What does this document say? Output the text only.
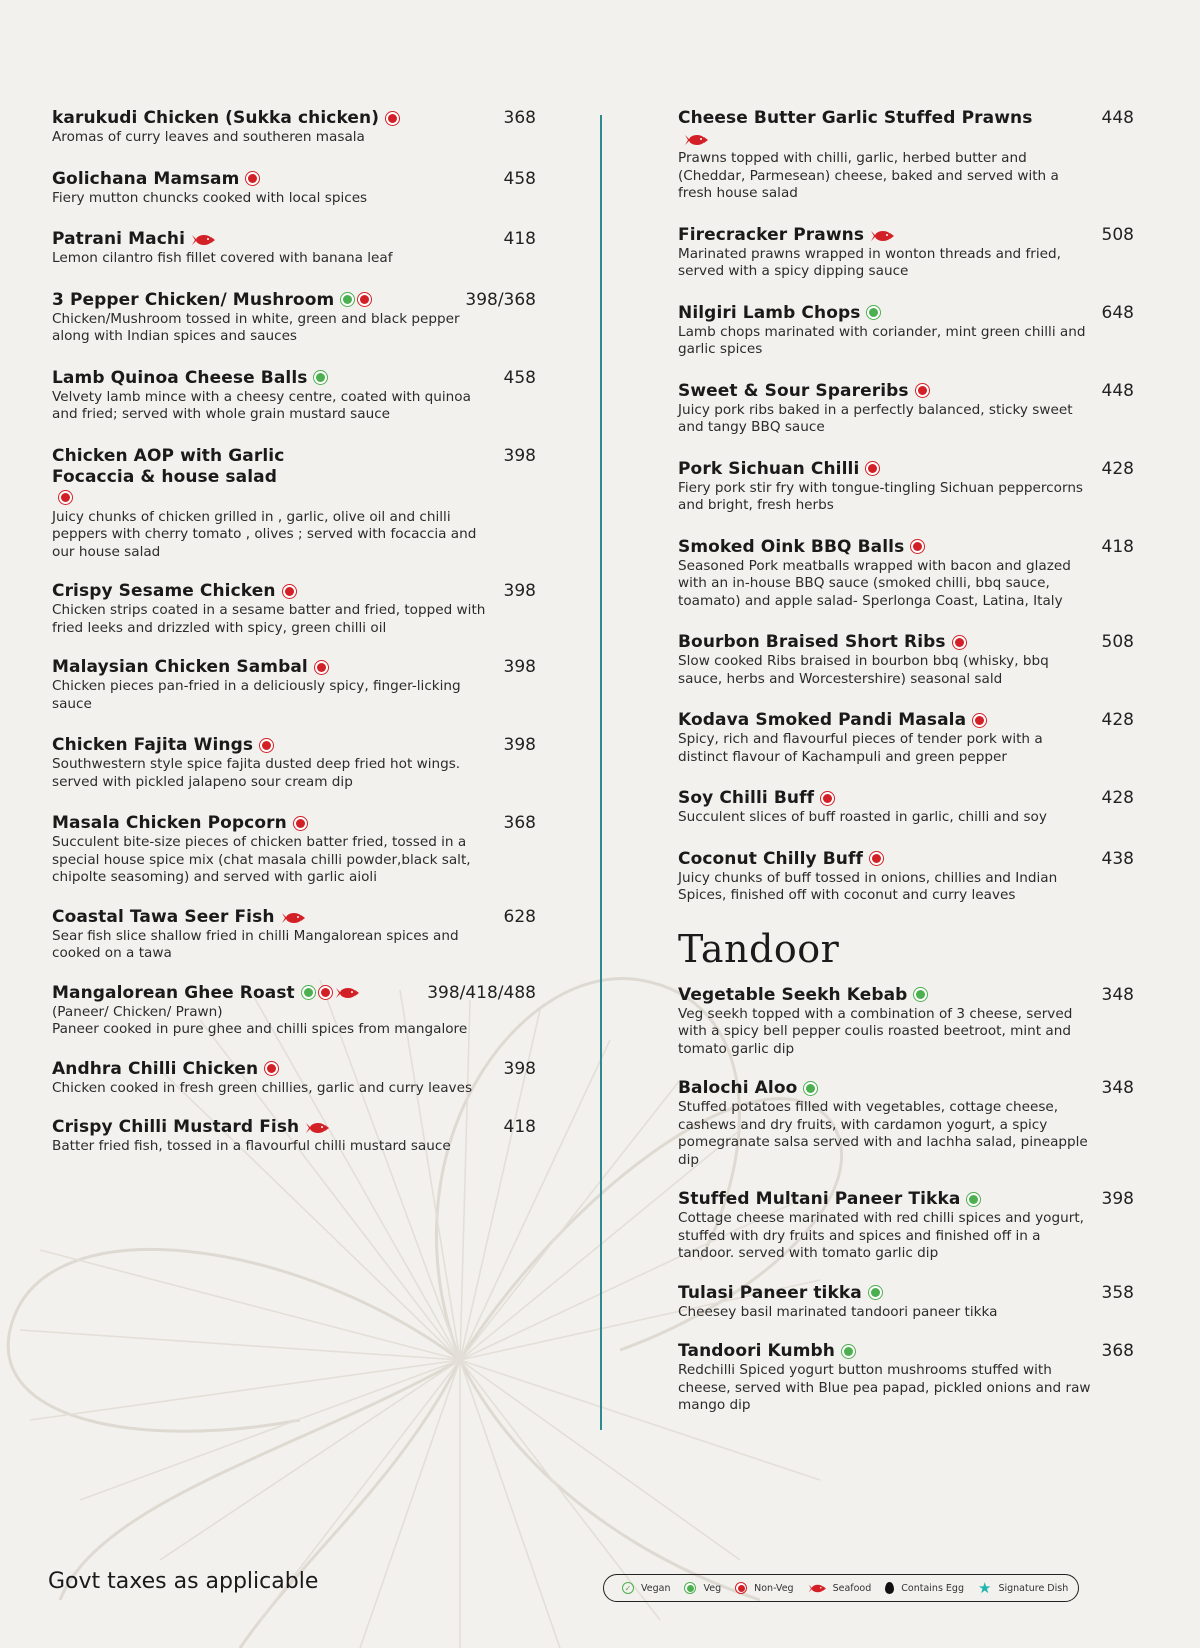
karukudi Chicken (Sukka chicken)	368
Aromas of curry leaves and southeren masala
Golichana Mamsam	458
Fiery mutton chuncks cooked with local spices
Patrani Machi	418
Lemon cilantro fish fillet covered with banana leaf
3 Pepper Chicken/ Mushroom	398/368
Chicken/Mushroom tossed in white, green and black pepper along with Indian spices and sauces
Lamb Quinoa Cheese Balls	458
Velvety lamb mince with a cheesy centre, coated with quinoa and fried; served with whole grain mustard sauce
Chicken AOP with Garlic Focaccia & house salad
398
Juicy chunks of chicken grilled in , garlic, olive oil and chilli peppers with cherry tomato , olives ; served with focaccia and our house salad
Crispy Sesame Chicken	398
Chicken strips coated in a sesame batter and fried, topped with fried leeks and drizzled with spicy, green chilli oil
Malaysian Chicken Sambal	398
Chicken pieces pan-fried in a deliciously spicy, finger-licking sauce
Chicken Fajita Wings	398
Southwestern style spice fajita dusted deep fried hot wings. served with pickled jalapeno sour cream dip
Masala Chicken Popcorn	368
Succulent bite-size pieces of chicken batter fried, tossed in a special house spice mix (chat masala chilli powder,black salt, chipolte seasoming) and served with garlic aioli
Coastal Tawa Seer Fish	628
Sear fish slice shallow fried in chilli Mangalorean spices and cooked on a tawa
Mangalorean Ghee Roast	398/418/488
(Paneer/ Chicken/ Prawn)
Paneer cooked in pure ghee and chilli spices from mangalore
Andhra Chilli Chicken	398
Chicken cooked in fresh green chillies, garlic and curry leaves
Crispy Chilli Mustard Fish	418
Batter fried fish, tossed in a flavourful chilli mustard sauce
Cheese Butter Garlic Stuffed Prawns	448
Prawns topped with chilli, garlic, herbed butter and (Cheddar, Parmesean) cheese, baked and served with a fresh house salad
Firecracker Prawns	508
Marinated prawns wrapped in wonton threads and fried, served with a spicy dipping sauce
Nilgiri Lamb Chops	648
Lamb chops marinated with coriander, mint green chilli and garlic spices
Sweet & Sour Spareribs	448
Juicy pork ribs baked in a perfectly balanced, sticky sweet and tangy BBQ sauce
Pork Sichuan Chilli	428
Fiery pork stir fry with tongue-tingling Sichuan peppercorns and bright, fresh herbs
Smoked Oink BBQ Balls	418
Seasoned Pork meatballs wrapped with bacon and glazed with an in-house BBQ sauce (smoked chilli, bbq sauce, toamato) and apple salad- Sperlonga Coast, Latina, Italy
Bourbon Braised Short Ribs	508
Slow cooked Ribs braised in bourbon bbq (whisky, bbq sauce, herbs and Worcestershire) seasonal sald
Kodava Smoked Pandi Masala	428
Spicy, rich and flavourful pieces of tender pork with a distinct flavour of Kachampuli and green pepper
Soy Chilli Buff	428
Succulent slices of buff roasted in garlic, chilli and soy
Coconut Chilly Buff	438
Juicy chunks of buff tossed in onions, chillies and Indian Spices, finished off with coconut and curry leaves
Tandoor
Vegetable Seekh Kebab	348
Veg seekh topped with a combination of 3 cheese, served with a spicy bell pepper coulis roasted beetroot, mint and tomato garlic dip
Balochi Aloo	348
Stuffed potatoes filled with vegetables, cottage cheese, cashews and dry fruits, with cardamon yogurt, a spicy pomegranate salsa served with and lachha salad, pineapple dip
Stuffed Multani Paneer Tikka	398
Cottage cheese marinated with red chilli spices and yogurt, stuffed with dry fruits and spices and finished off in a tandoor. served with tomato garlic dip
Tulasi Paneer tikka	358
Cheesey basil marinated tandoori paneer tikka
Tandoori Kumbh	368
Redchilli Spiced yogurt button mushrooms stuffed with cheese, served with Blue pea papad, pickled onions and raw mango dip
Govt taxes as applicable	✓ Vegan	Veg	Non-Veg	Seafood	Contains Egg ★ Signature Dish
